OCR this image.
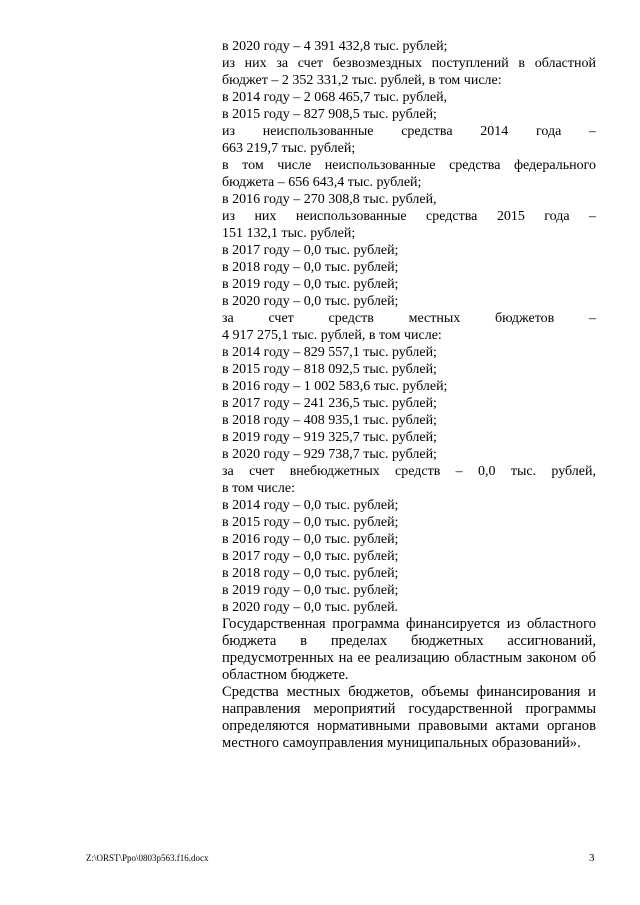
в 2020 году – 4 391 432,8 тыс. рублей;
из них за счет безвозмездных поступлений в областной
бюджет – 2 352 331,2 тыс. рублей, в том числе:
в 2014 году – 2 068 465,7 тыс. рублей,
в 2015 году – 827 908,5 тыс. рублей;
из неиспользованные средства 2014 года –
663 219,7 тыс. рублей;
в том числе неиспользованные средства федерального
бюджета – 656 643,4 тыс. рублей;
в 2016 году – 270 308,8 тыс. рублей,
из них неиспользованные средства 2015 года –
151 132,1 тыс. рублей;
в 2017 году – 0,0 тыс. рублей;
в 2018 году – 0,0 тыс. рублей;
в 2019 году – 0,0 тыс. рублей;
в 2020 году – 0,0 тыс. рублей;
за счет средств местных бюджетов –
4 917 275,1 тыс. рублей, в том числе:
в 2014 году – 829 557,1 тыс. рублей;
в 2015 году – 818 092,5 тыс. рублей;
в 2016 году – 1 002 583,6 тыс. рублей;
в 2017 году – 241 236,5 тыс. рублей;
в 2018 году – 408 935,1 тыс. рублей;
в 2019 году – 919 325,7 тыс. рублей;
в 2020 году – 929 738,7 тыс. рублей;
за счет внебюджетных средств – 0,0 тыс. рублей,
в том числе:
в 2014 году – 0,0 тыс. рублей;
в 2015 году – 0,0 тыс. рублей;
в 2016 году – 0,0 тыс. рублей;
в 2017 году – 0,0 тыс. рублей;
в 2018 году – 0,0 тыс. рублей;
в 2019 году – 0,0 тыс. рублей;
в 2020 году – 0,0 тыс. рублей.
Государственная программа финансируется из областного бюджета в пределах бюджетных ассигнований, предусмотренных на ее реализацию областным законом об областном бюджете.
Средства местных бюджетов, объемы финансирования и направления мероприятий государственной программы определяются нормативными правовыми актами органов местного самоуправления муниципальных образований».
Z:\ORST\Ppo\0803p563.f16.docx	3
